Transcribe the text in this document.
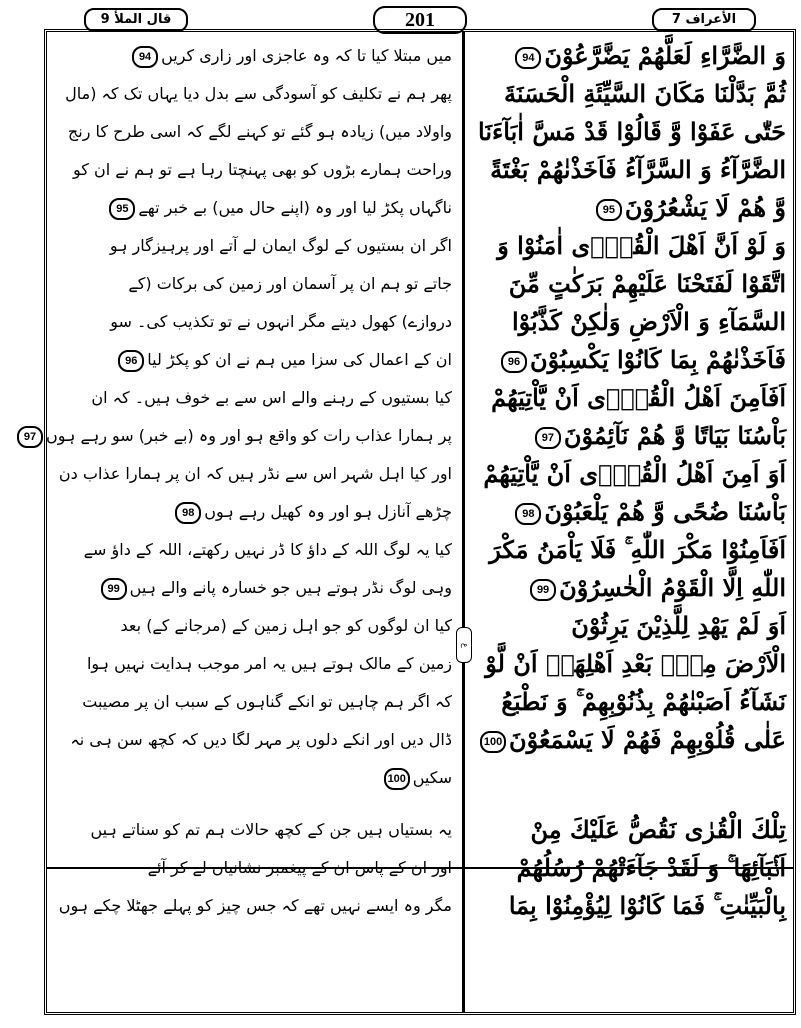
قال الملأ 9	201	الأعراف 7
ع
وَ الضَّرَّاءِ لَعَلَّهُمْ يَضَّرَّعُوْنَ94
ثُمَّ بَدَّلْنَا مَكَانَ السَّيِّئَةِ الْحَسَنَةَ
حَتّٰى عَفَوْا وَّ قَالُوْا قَدْ مَسَّ اٰبَآءَنَا
الضَّرَّآءُ وَ السَّرَّآءُ فَاَخَذْنٰهُمْ بَغْتَةً
وَّ هُمْ لَا يَشْعُرُوْنَ95
وَ لَوْ اَنَّ اَهْلَ الْقُرٰۤى اٰمَنُوْا وَ
اتَّقَوْا لَفَتَحْنَا عَلَيْهِمْ بَرَكٰتٍ مِّنَ
السَّمَآءِ وَ الْاَرْضِ وَلٰكِنْ كَذَّبُوْا
فَاَخَذْنٰهُمْ بِمَا كَانُوْا يَكْسِبُوْنَ96
اَفَاَمِنَ اَهْلُ الْقُرٰۤى اَنْ يَّاْتِيَهُمْ
بَاْسُنَا بَيَاتًا وَّ هُمْ نَآئِمُوْنَ97
اَوَ اَمِنَ اَهْلُ الْقُرٰۤى اَنْ يَّاْتِيَهُمْ
بَاْسُنَا ضُحًى وَّ هُمْ يَلْعَبُوْنَ98
اَفَاَمِنُوْا مَكْرَ اللّٰهِ ۚ فَلَا يَاْمَنُ مَكْرَ
اللّٰهِ اِلَّا الْقَوْمُ الْخٰسِرُوْنَ99
اَوَ لَمْ يَهْدِ لِلَّذِيْنَ يَرِثُوْنَ
الْاَرْضَ مِنْۢ بَعْدِ اَهْلِهَاۤ اَنْ لَّوْ
نَشَآءُ اَصَبْنٰهُمْ بِذُنُوْبِهِمْ ۚ وَ نَطْبَعُ
عَلٰى قُلُوْبِهِمْ فَهُمْ لَا يَسْمَعُوْنَ100
تِلْكَ الْقُرٰى نَقُصُّ عَلَيْكَ مِنْ
اَنْۢبَآئِهَا ۚ وَ لَقَدْ جَآءَتْهُمْ رُسُلُهُمْ
بِالْبَيِّنٰتِ ۚ فَمَا كَانُوْا لِيُؤْمِنُوْا بِمَا
میں مبتلا کیا تا کہ وہ عاجزی اور زاری کریں94
پھر ہم نے تکلیف کو آسودگی سے بدل دیا یہاں تک کہ (مال
واولاد میں) زیادہ ہو گئے تو کہنے لگے کہ اسی طرح کا رنج
وراحت ہمارے بڑوں کو بھی پہنچتا رہا ہے تو ہم نے ان کو
ناگہاں پکڑ لیا اور وہ (اپنے حال میں) بے خبر تھے95
اگر ان بستیوں کے لوگ ایمان لے آتے اور پرہیزگار ہو
جاتے تو ہم ان پر آسمان اور زمین کی برکات (کے
دروازے) کھول دیتے مگر انہوں نے تو تکذیب کی۔ سو
ان کے اعمال کی سزا میں ہم نے ان کو پکڑ لیا96
کیا بستیوں کے رہنے والے اس سے بے خوف ہیں۔ کہ ان
پر ہمارا عذاب رات کو واقع ہو اور وہ (بے خبر) سو رہے ہوں97
اور کیا اہل شہر اس سے نڈر ہیں کہ ان پر ہمارا عذاب دن
چڑھے آنازل ہو اور وہ کھیل رہے ہوں98
کیا یہ لوگ اللہ کے داؤ کا ڈر نہیں رکھتے، اللہ کے داؤ سے
وہی لوگ نڈر ہوتے ہیں جو خسارہ پانے والے ہیں99
کیا ان لوگوں کو جو اہل زمین کے (مرجانے کے) بعد
زمین کے مالک ہوتے ہیں یہ امر موجب ہدایت نہیں ہوا
کہ اگر ہم چاہیں تو انکے گناہوں کے سبب ان پر مصیبت
ڈال دیں اور انکے دلوں پر مہر لگا دیں کہ کچھ سن ہی نہ
سکیں100
یہ بستیاں ہیں جن کے کچھ حالات ہم تم کو سناتے ہیں
اور ان کے پاس ان کے پیغمبر نشانیاں لے کر آئے
مگر وہ ایسے نہیں تھے کہ جس چیز کو پہلے جھٹلا چکے ہوں
